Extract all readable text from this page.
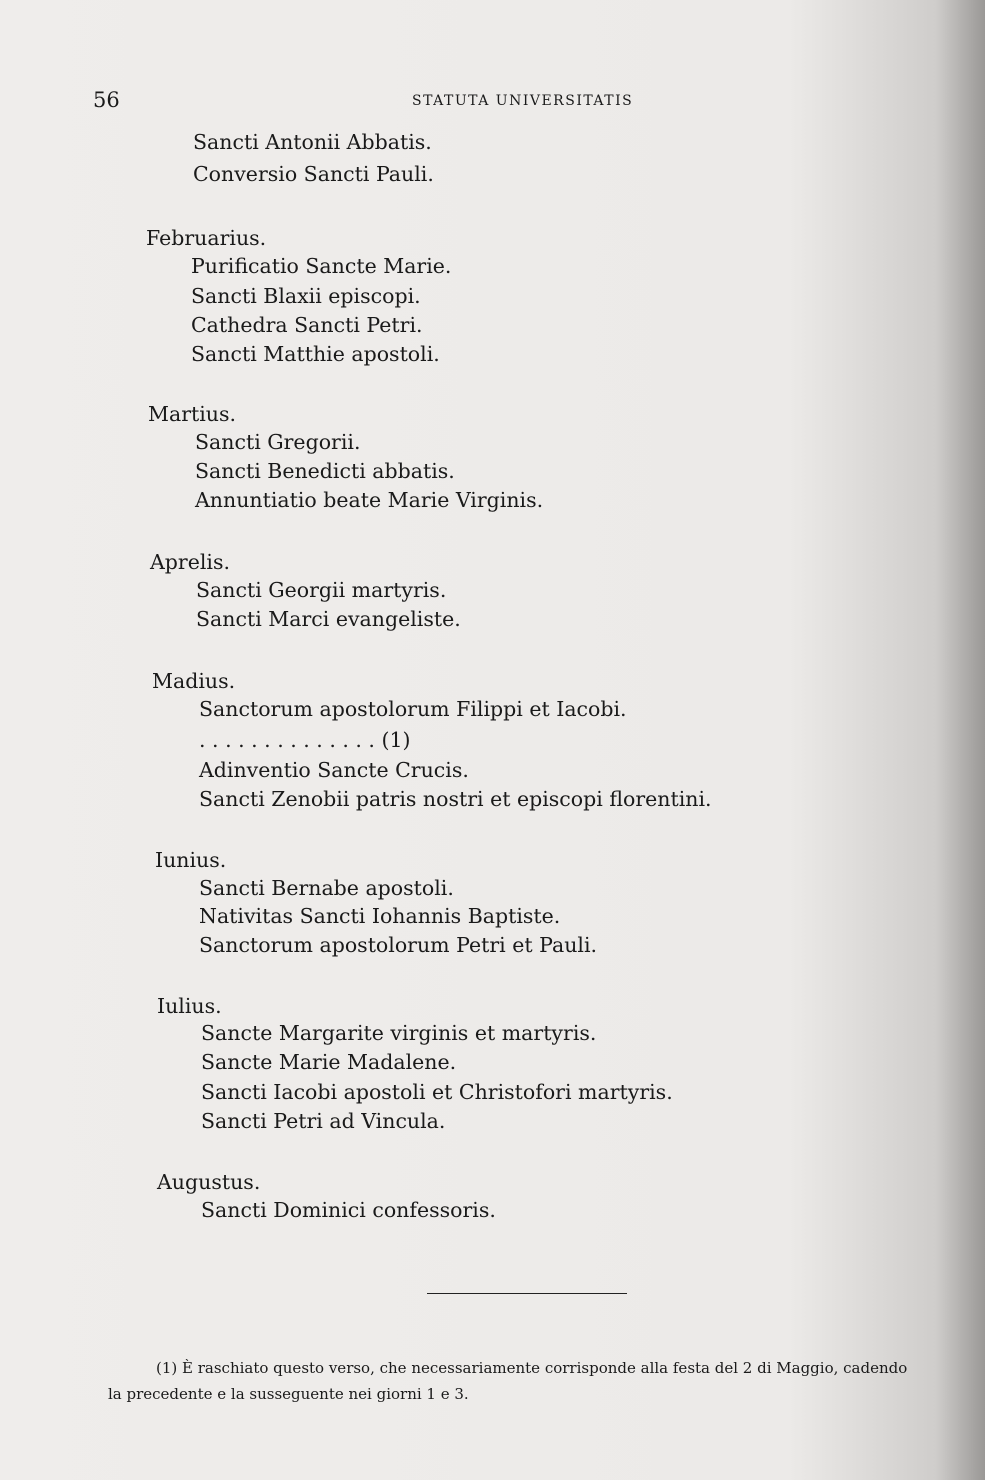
56	STATUTA UNIVERSITATIS
Sancti Antonii Abbatis.
Conversio Sancti Pauli.
Februarius.
Purificatio Sancte Marie.
Sancti Blaxii episcopi.
Cathedra Sancti Petri.
Sancti Matthie apostoli.
Martius.
Sancti Gregorii.
Sancti Benedicti abbatis.
Annuntiatio beate Marie Virginis.
Aprelis.
Sancti Georgii martyris.
Sancti Marci evangeliste.
Madius.
Sanctorum apostolorum Filippi et Iacobi.
. . . . . . . . . . . . . . (1)
Adinventio Sancte Crucis.
Sancti Zenobii patris nostri et episcopi florentini.
Iunius.
Sancti Bernabe apostoli.
Nativitas Sancti Iohannis Baptiste.
Sanctorum apostolorum Petri et Pauli.
Iulius.
Sancte Margarite virginis et martyris.
Sancte Marie Madalene.
Sancti Iacobi apostoli et Christofori martyris.
Sancti Petri ad Vincula.
Augustus.
Sancti Dominici confessoris.
(1) È raschiato questo verso, che necessariamente corrisponde alla festa del 2 di Maggio, cadendo
la precedente e la susseguente nei giorni 1 e 3.
